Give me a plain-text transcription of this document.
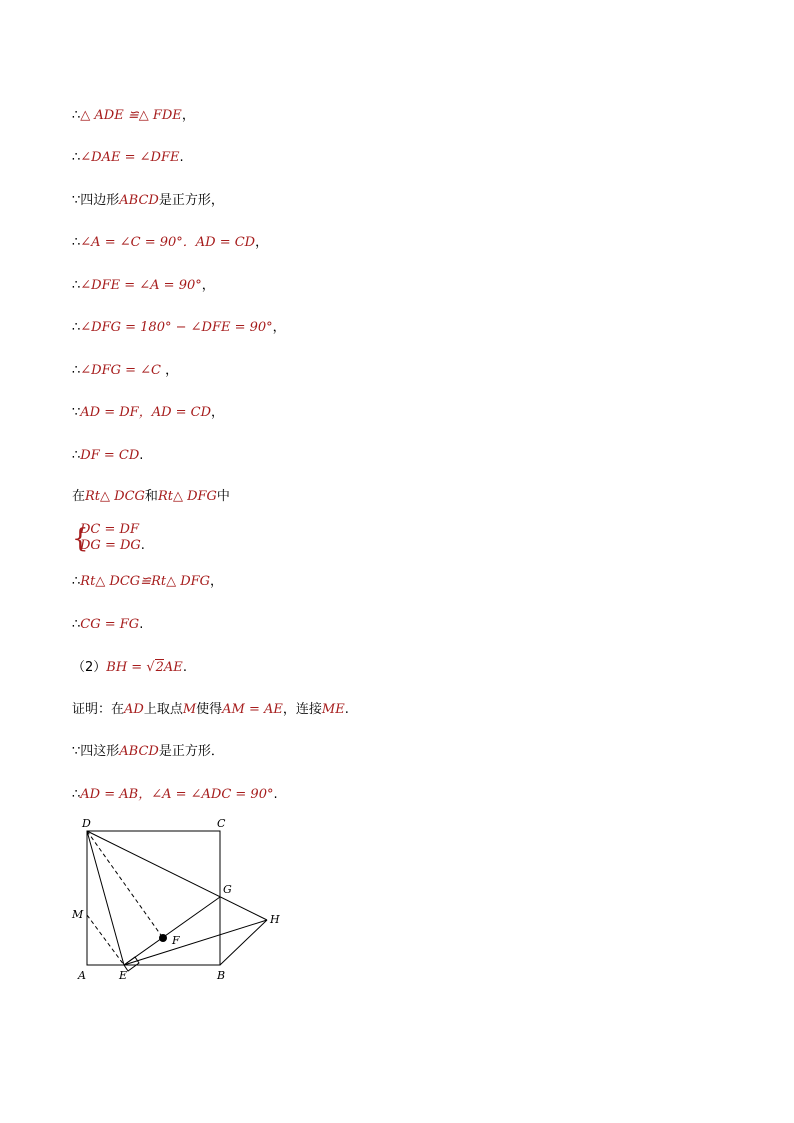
∴△ ADE ≌△ FDE，
∴∠DAE = ∠DFE.
∵四边形ABCD是正方形，
∴∠A = ∠C = 90°．AD = CD，
∴∠DFE = ∠A = 90°，
∴∠DFG = 180° − ∠DFE = 90°，
∴∠DFG = ∠C ，
∵AD = DF，AD = CD，
∴DF = CD.
在Rt△ DCG和Rt△ DFG中
{
DC = DF
DG = DG.
∴Rt△ DCG≌Rt△ DFG，
∴CG = FG.
（2）BH = √2AE.
证明：在AD上取点M使得AM = AE，连接ME.
∵四这形ABCD是正方形．
∴AD = AB，∠A = ∠ADC = 90°.
D	C
G
H
M
F
A	E	B
